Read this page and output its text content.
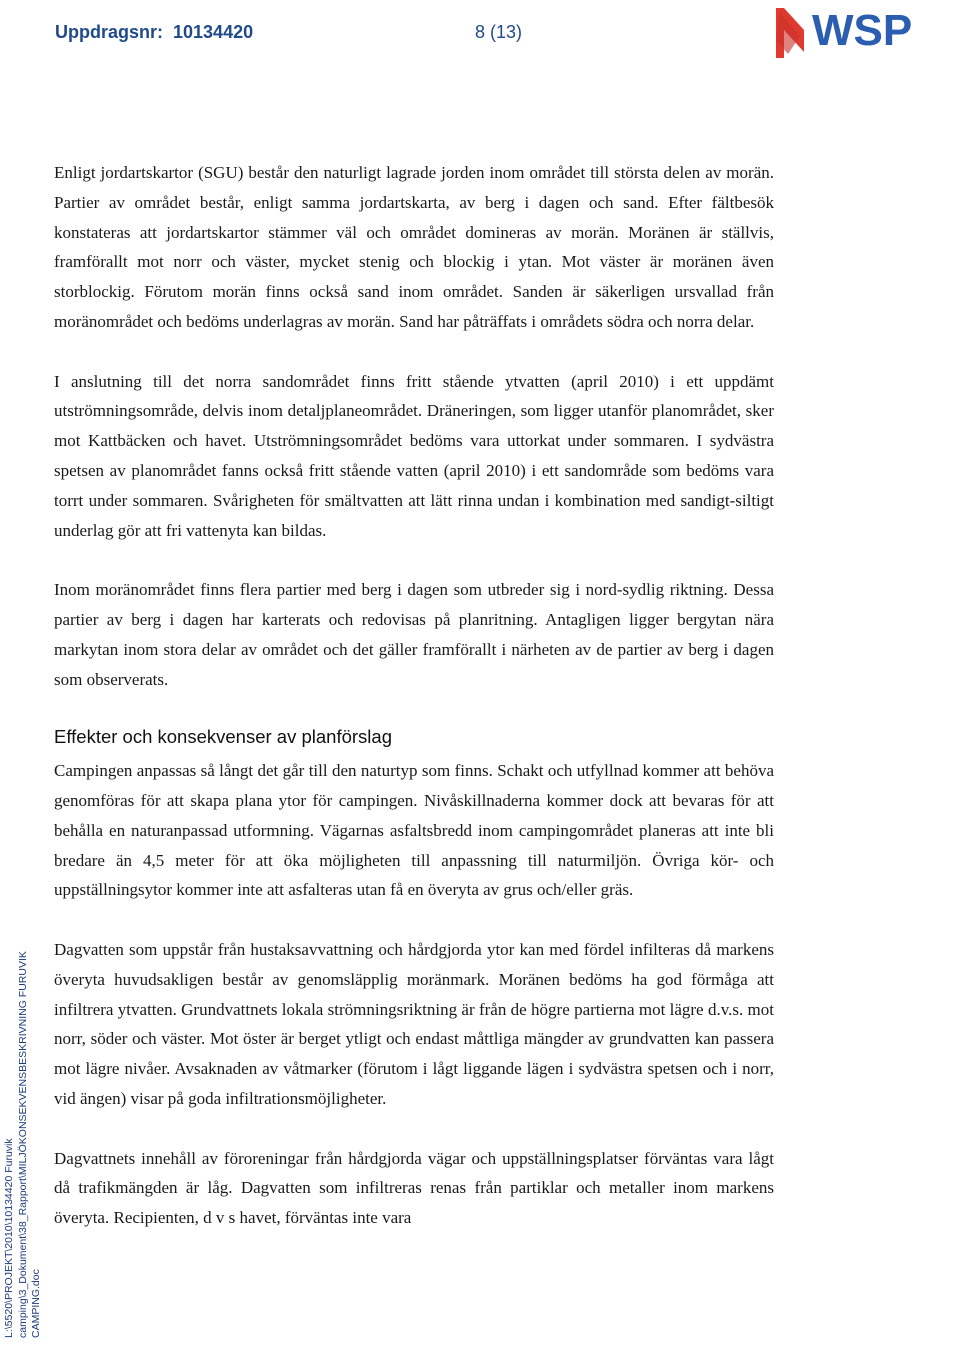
Uppdragsnr: 10134420	8 (13)	WSP

Enligt jordartskartor (SGU) består den naturligt lagrade jorden inom området till största delen av morän. Partier av området består, enligt samma jordartskarta, av berg i dagen och sand. Efter fältbesök konstateras att jordartskartor stämmer väl och området domineras av morän. Moränen är ställvis, framförallt mot norr och väster, mycket stenig och blockig i ytan. Mot väster är moränen även storblockig. Förutom morän finns också sand inom området. Sanden är säkerligen ursvallad från moränområdet och bedöms underlagras av morän. Sand har påträffats i områdets södra och norra delar.

I anslutning till det norra sandområdet finns fritt stående ytvatten (april 2010) i ett uppdämt utströmningsområde, delvis inom detaljplaneområdet. Dräneringen, som ligger utanför planområdet, sker mot Kattbäcken och havet. Utströmningsområdet bedöms vara uttorkat under sommaren. I sydvästra spetsen av planområdet fanns också fritt stående vatten (april 2010) i ett sandområde som bedöms vara torrt under sommaren. Svårigheten för smältvatten att lätt rinna undan i kombination med sandigt-siltigt underlag gör att fri vattenyta kan bildas.

Inom moränområdet finns flera partier med berg i dagen som utbreder sig i nord-sydlig riktning. Dessa partier av berg i dagen har karterats och redovisas på planritning. Antagligen ligger bergytan nära markytan inom stora delar av området och det gäller framförallt i närheten av de partier av berg i dagen som observerats.

Effekter och konsekvenser av planförslag

Campingen anpassas så långt det går till den naturtyp som finns. Schakt och utfyllnad kommer att behöva genomföras för att skapa plana ytor för campingen. Nivåskillnaderna kommer dock att bevaras för att behålla en naturanpassad utformning. Vägarnas asfaltsbredd inom campingområdet planeras att inte bli bredare än 4,5 meter för att öka möjligheten till anpassning till naturmiljön. Övriga kör- och uppställningsytor kommer inte att asfalteras utan få en överyta av grus och/eller gräs.

Dagvatten som uppstår från hustaksavvattning och hårdgjorda ytor kan med fördel infilteras då markens överyta huvudsakligen består av genomsläpplig moränmark. Moränen bedöms ha god förmåga att infiltrera ytvatten. Grundvattnets lokala strömningsriktning är från de högre partierna mot lägre d.v.s. mot norr, söder och väster. Mot öster är berget ytligt och endast måttliga mängder av grundvatten kan passera mot lägre nivåer. Avsaknaden av våtmarker (förutom i lågt liggande lägen i sydvästra spetsen och i norr, vid ängen) visar på goda infiltrationsmöjligheter.

Dagvattnets innehåll av föroreningar från hårdgjorda vägar och uppställningsplatser förväntas vara lågt då trafikmängden är låg. Dagvatten som infiltreras renas från partiklar och metaller inom markens överyta. Recipienten, d v s havet, förväntas inte vara

L:\5520\PROJEKT\2010\10134420 Furuvik camping\3_Dokument\38_Rapport\MILJÖKONSEKVENSBESKRIVNING FURUVIK CAMPING.doc
